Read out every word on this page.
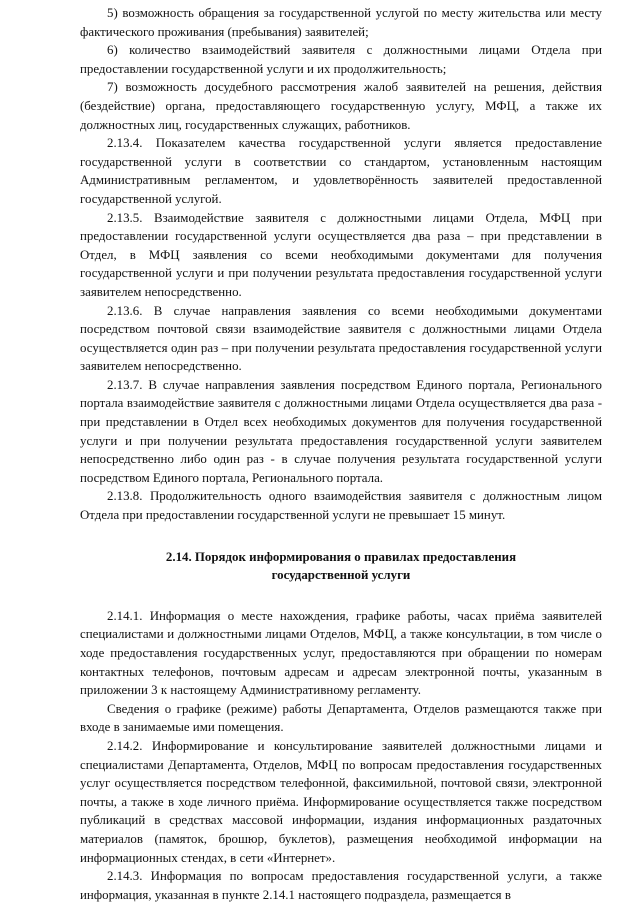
5) возможность обращения за государственной услугой по месту жительства или месту фактического проживания (пребывания) заявителей;

6) количество взаимодействий заявителя с должностными лицами Отдела при предоставлении государственной услуги и их продолжительность;

7) возможность досудебного рассмотрения жалоб заявителей на решения, действия (бездействие) органа, предоставляющего государственную услугу, МФЦ, а также их должностных лиц, государственных служащих, работников.

2.13.4. Показателем качества государственной услуги является предоставление государственной услуги в соответствии со стандартом, установленным настоящим Административным регламентом, и удовлетворённость заявителей предоставленной государственной услугой.

2.13.5. Взаимодействие заявителя с должностными лицами Отдела, МФЦ при предоставлении государственной услуги осуществляется два раза – при представлении в Отдел, в МФЦ заявления со всеми необходимыми документами для получения государственной услуги и при получении результата предоставления государственной услуги заявителем непосредственно.

2.13.6. В случае направления заявления со всеми необходимыми документами посредством почтовой связи взаимодействие заявителя с должностными лицами Отдела осуществляется один раз – при получении результата предоставления государственной услуги заявителем непосредственно.

2.13.7. В случае направления заявления посредством Единого портала, Регионального портала взаимодействие заявителя с должностными лицами Отдела осуществляется два раза - при представлении в Отдел всех необходимых документов для получения государственной услуги и при получении результата предоставления государственной услуги заявителем непосредственно либо один раз - в случае получения результата государственной услуги посредством Единого портала, Регионального портала.

2.13.8. Продолжительность одного взаимодействия заявителя с должностным лицом Отдела при предоставлении государственной услуги не превышает 15 минут.

2.14. Порядок информирования о правилах предоставления
государственной услуги

2.14.1. Информация о месте нахождения, графике работы, часах приёма заявителей специалистами и должностными лицами Отделов, МФЦ, а также консультации, в том числе о ходе предоставления государственных услуг, предоставляются при обращении по номерам контактных телефонов, почтовым адресам и адресам электронной почты, указанным в приложении 3 к настоящему Административному регламенту.

Сведения о графике (режиме) работы Департамента, Отделов размещаются также при входе в занимаемые ими помещения.

2.14.2. Информирование и консультирование заявителей должностными лицами и специалистами Департамента, Отделов, МФЦ по вопросам предоставления государственных услуг осуществляется посредством телефонной, факсимильной, почтовой связи, электронной почты, а также в ходе личного приёма. Информирование осуществляется также посредством публикаций в средствах массовой информации, издания информационных раздаточных материалов (памяток, брошюр, буклетов), размещения необходимой информации на информационных стендах, в сети «Интернет».

2.14.3. Информация по вопросам предоставления государственной услуги, а также информация, указанная в пункте 2.14.1 настоящего подраздела, размещается в
